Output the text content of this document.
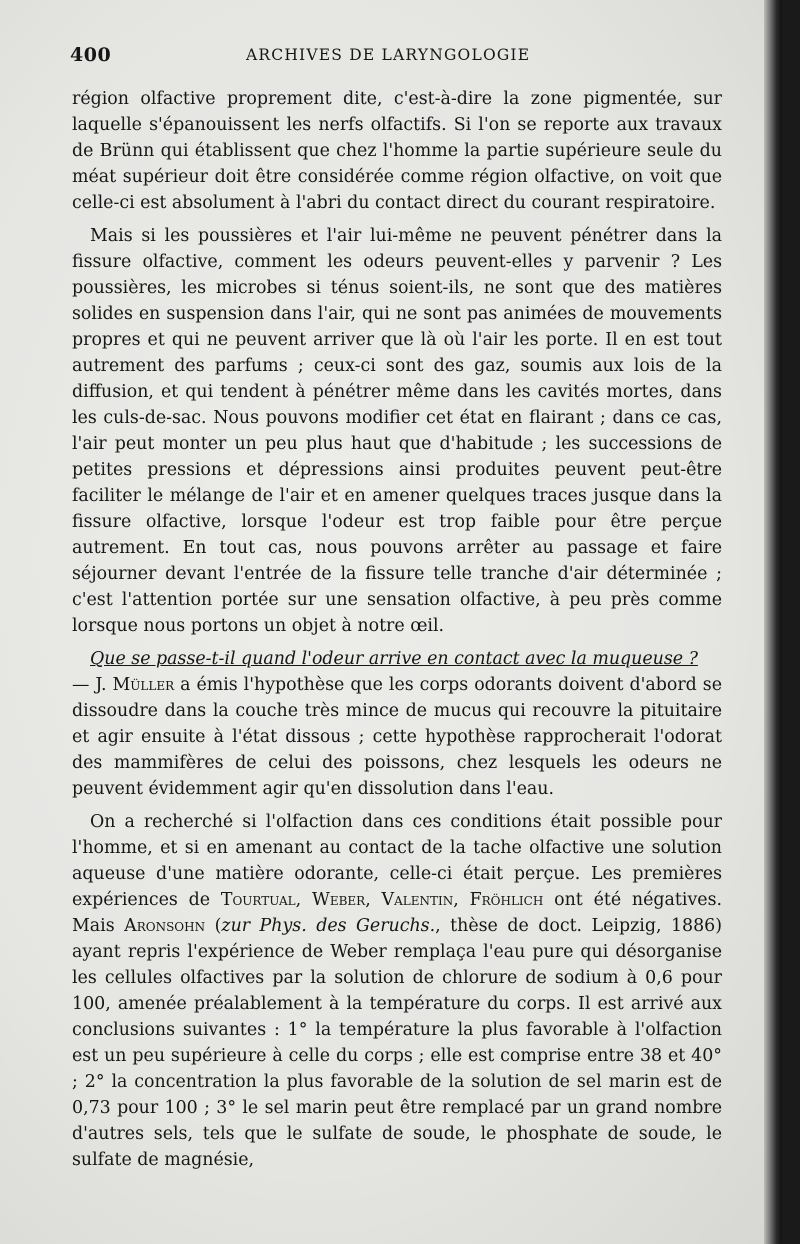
400	ARCHIVES DE LARYNGOLOGIE

région olfactive proprement dite, c'est-à-dire la zone pigmentée, sur laquelle s'épanouissent les nerfs olfactifs. Si l'on se reporte aux travaux de Brünn qui établissent que chez l'homme la partie supérieure seule du méat supérieur doit être considérée comme région olfactive, on voit que celle-ci est absolument à l'abri du contact direct du courant respiratoire.

Mais si les poussières et l'air lui-même ne peuvent pénétrer dans la fissure olfactive, comment les odeurs peuvent-elles y parvenir ? Les poussières, les microbes si ténus soient-ils, ne sont que des matières solides en suspension dans l'air, qui ne sont pas animées de mouvements propres et qui ne peuvent arriver que là où l'air les porte. Il en est tout autrement des parfums ; ceux-ci sont des gaz, soumis aux lois de la diffusion, et qui tendent à pénétrer même dans les cavités mortes, dans les culs-de-sac. Nous pouvons modifier cet état en flairant ; dans ce cas, l'air peut monter un peu plus haut que d'habitude ; les successions de petites pressions et dépressions ainsi produites peuvent peut-être faciliter le mélange de l'air et en amener quelques traces jusque dans la fissure olfactive, lorsque l'odeur est trop faible pour être perçue autrement. En tout cas, nous pouvons arrêter au passage et faire séjourner devant l'entrée de la fissure telle tranche d'air déterminée ; c'est l'attention portée sur une sensation olfactive, à peu près comme lorsque nous portons un objet à notre œil.

Que se passe-t-il quand l'odeur arrive en contact avec la muqueuse ?
— J. Müller a émis l'hypothèse que les corps odorants doivent d'abord se dissoudre dans la couche très mince de mucus qui recouvre la pituitaire et agir ensuite à l'état dissous ; cette hypothèse rapprocherait l'odorat des mammifères de celui des poissons, chez lesquels les odeurs ne peuvent évidemment agir qu'en dissolution dans l'eau.

On a recherché si l'olfaction dans ces conditions était possible pour l'homme, et si en amenant au contact de la tache olfactive une solution aqueuse d'une matière odorante, celle-ci était perçue. Les premières expériences de Tourtual, Weber, Valentin, Fröhlich ont été négatives. Mais Aronsohn (zur Phys. des Geruchs., thèse de doct. Leipzig, 1886) ayant repris l'expérience de Weber remplaça l'eau pure qui désorganise les cellules olfactives par la solution de chlorure de sodium à 0,6 pour 100, amenée préalablement à la température du corps. Il est arrivé aux conclusions suivantes : 1° la température la plus favorable à l'olfaction est un peu supérieure à celle du corps ; elle est comprise entre 38 et 40° ; 2° la concentration la plus favorable de la solution de sel marin est de 0,73 pour 100 ; 3° le sel marin peut être remplacé par un grand nombre d'autres sels, tels que le sulfate de soude, le phosphate de soude, le sulfate de magnésie,
